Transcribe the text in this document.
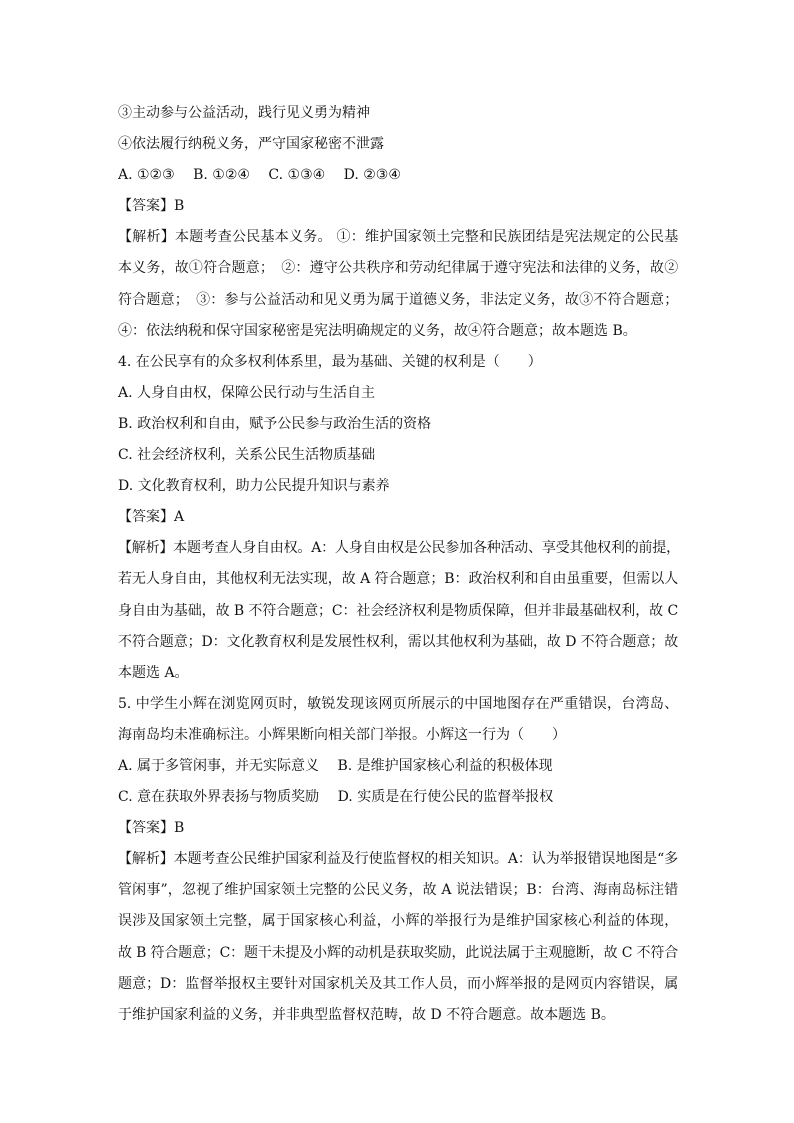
③主动参与公益活动，践行见义勇为精神
④依法履行纳税义务，严守国家秘密不泄露
A. ①②③　 B. ①②④　 C. ①③④　 D. ②③④
【答案】B
【解析】本题考查公民基本义务。 ①：维护国家领土完整和民族团结是宪法规定的公民基
本义务，故①符合题意；　②：遵守公共秩序和劳动纪律属于遵守宪法和法律的义务，故②
符合题意；　③：参与公益活动和见义勇为属于道德义务，非法定义务，故③不符合题意；
④：依法纳税和保守国家秘密是宪法明确规定的义务，故④符合题意；故本题选 B。
4. 在公民享有的众多权利体系里，最为基础、关键的权利是（　　）
A. 人身自由权，保障公民行动与生活自主
B. 政治权利和自由，赋予公民参与政治生活的资格
C. 社会经济权利，关系公民生活物质基础
D. 文化教育权利，助力公民提升知识与素养
【答案】A
【解析】本题考查人身自由权。A：人身自由权是公民参加各种活动、享受其他权利的前提，
若无人身自由，其他权利无法实现，故 A 符合题意；B：政治权利和自由虽重要，但需以人
身自由为基础，故 B 不符合题意；C：社会经济权利是物质保障，但并非最基础权利，故 C
不符合题意；D：文化教育权利是发展性权利，需以其他权利为基础，故 D 不符合题意；故
本题选 A。
5. 中学生小辉在浏览网页时，敏锐发现该网页所展示的中国地图存在严重错误，台湾岛、
海南岛均未准确标注。小辉果断向相关部门举报。小辉这一行为（　　）
A. 属于多管闲事，并无实际意义　 B. 是维护国家核心利益的积极体现
C. 意在获取外界表扬与物质奖励　 D. 实质是在行使公民的监督举报权
【答案】B
【解析】本题考查公民维护国家利益及行使监督权的相关知识。A：认为举报错误地图是“多
管闲事”，忽视了维护国家领土完整的公民义务，故 A 说法错误；B：台湾、海南岛标注错
误涉及国家领土完整，属于国家核心利益，小辉的举报行为是维护国家核心利益的体现，
故 B 符合题意；C：题干未提及小辉的动机是获取奖励，此说法属于主观臆断，故 C 不符合
题意；D：监督举报权主要针对国家机关及其工作人员，而小辉举报的是网页内容错误，属
于维护国家利益的义务，并非典型监督权范畴，故 D 不符合题意。故本题选 B。
